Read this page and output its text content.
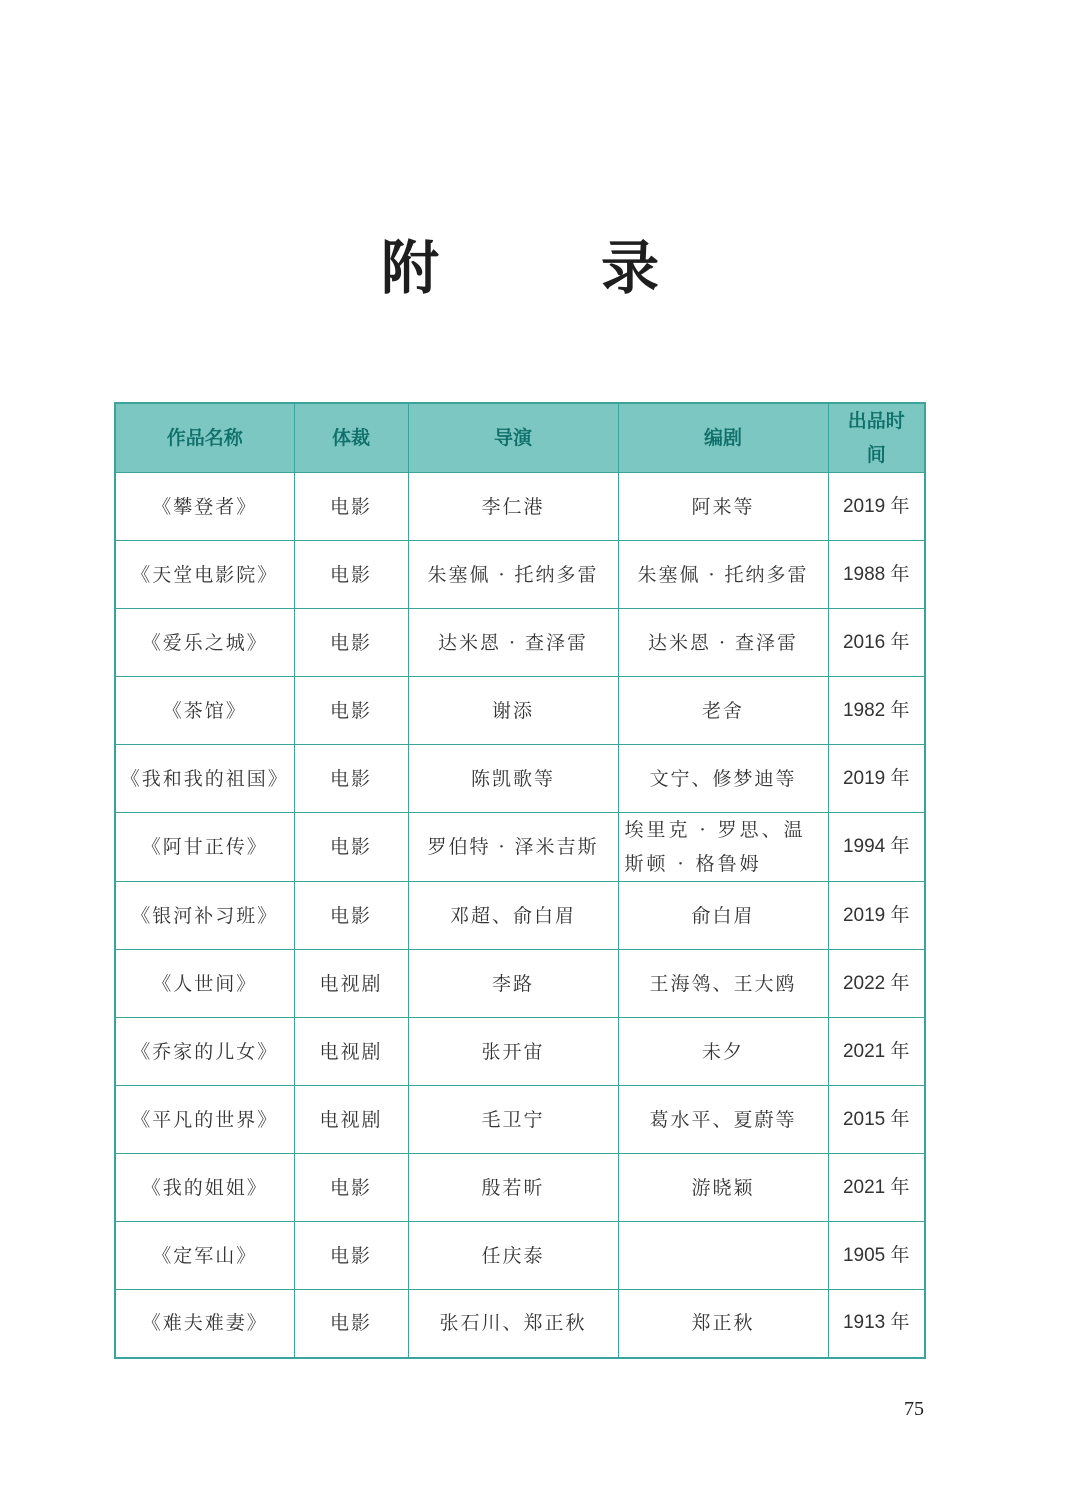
附　录
作品名称	体裁	导演	编剧	出品时间
《攀登者》	电影	李仁港	阿来等	2019 年
《天堂电影院》	电影	朱塞佩 · 托纳多雷	朱塞佩 · 托纳多雷	1988 年
《爱乐之城》	电影	达米恩 · 查泽雷	达米恩 · 查泽雷	2016 年
《茶馆》	电影	谢添	老舍	1982 年
《我和我的祖国》	电影	陈凯歌等	文宁、修梦迪等	2019 年
《阿甘正传》	电影	罗伯特 · 泽米吉斯	埃里克 · 罗思、温斯顿 · 格鲁姆	1994 年
《银河补习班》	电影	邓超、俞白眉	俞白眉	2019 年
《人世间》	电视剧	李路	王海鸰、王大鸥	2022 年
《乔家的儿女》	电视剧	张开宙	未夕	2021 年
《平凡的世界》	电视剧	毛卫宁	葛水平、夏蔚等	2015 年
《我的姐姐》	电影	殷若昕	游晓颖	2021 年
《定军山》	电影	任庆泰		1905 年
《难夫难妻》	电影	张石川、郑正秋	郑正秋	1913 年
75
